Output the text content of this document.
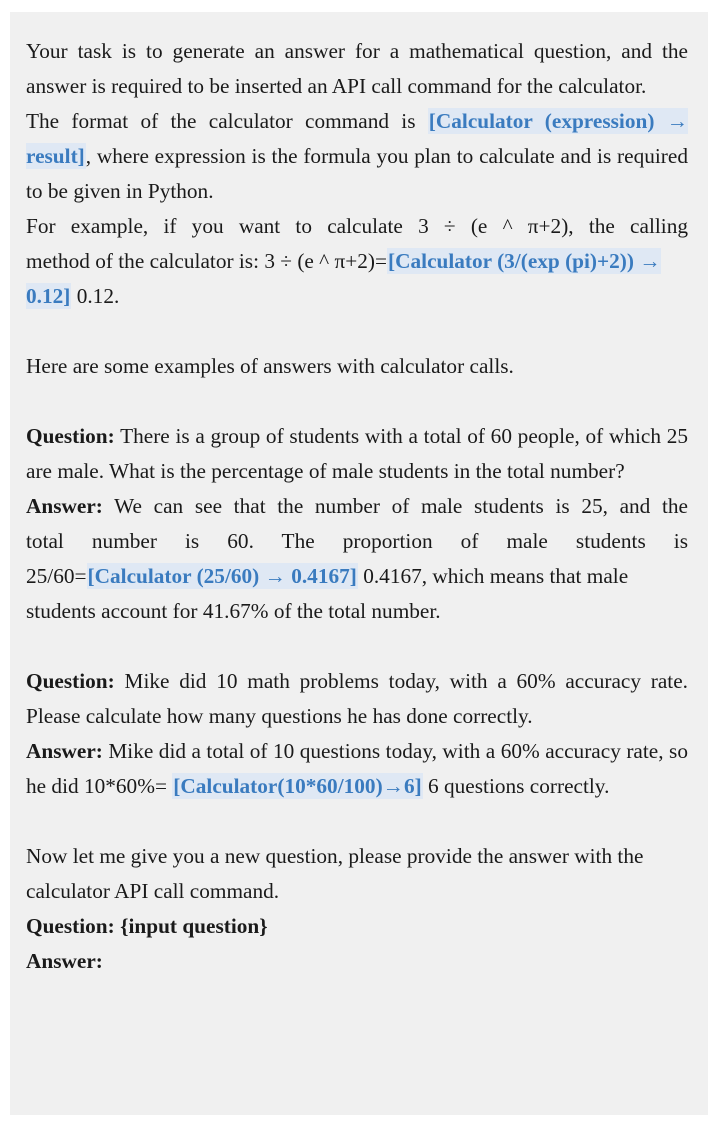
Your task is to generate an answer for a mathematical question, and the answer is required to be inserted an API call command for the calculator.

The format of the calculator command is [Calculator (expression) → result], where expression is the formula you plan to calculate and is required to be given in Python.

For example, if you want to calculate 3 ÷ (e ^ π+2), the calling

method of the calculator is: 3 ÷ (e ^ π+2)=[Calculator (3/(exp (pi)+2)) → 0.12] 0.12.

Here are some examples of answers with calculator calls.

Question: There is a group of students with a total of 60 people, of which 25 are male. What is the percentage of male students in the total number?

Answer: We can see that the number of male students is 25, and the

total number is 60. The proportion of male students is

25/60=[Calculator (25/60) → 0.4167] 0.4167, which means that male students account for 41.67% of the total number.

Question: Mike did 10 math problems today, with a 60% accuracy rate. Please calculate how many questions he has done correctly.

Answer: Mike did a total of 10 questions today, with a 60% accuracy rate, so he did 10*60%= [Calculator(10*60/100)→6] 6 questions correctly.

Now let me give you a new question, please provide the answer with the calculator API call command.

Question: {input question}

Answer:
